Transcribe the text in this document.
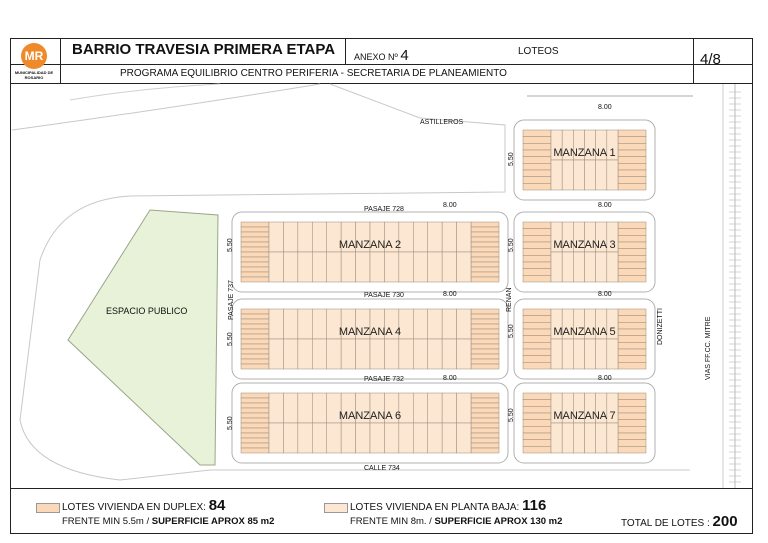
MR
MUNICIPALIDAD DE ROSARIO
BARRIO TRAVESIA PRIMERA ETAPA ANEXO Nº 4	LOTEOS	4/8
PROGRAMA EQUILIBRIO CENTRO PERIFERIA - SECRETARIA DE PLANEAMIENTO
MANZANA 1
MANZANA 2	MANZANA 3
MANZANA 4	MANZANA 5
MANZANA 6	MANZANA 7
ASTILLEROS
PASAJE 728
PASAJE 730
PASAJE 732
CALLE 734
PASAJE 737	RENAN
DONIZETTI	VIAS FF.CC. MITRE
ESPACIO PUBLICO
5.50
5.50	5.50
5.50
5.50
5.50
5.50
8.00
8.00	8.00
8.00	8.00
8.00	8.00
LOTES VIVIENDA EN DUPLEX: 84
FRENTE MIN 5.5m / SUPERFICIE APROX 85 m2
LOTES VIVIENDA EN PLANTA BAJA: 116
FRENTE MIN 8m. / SUPERFICIE APROX 130 m2	TOTAL DE LOTES : 200
